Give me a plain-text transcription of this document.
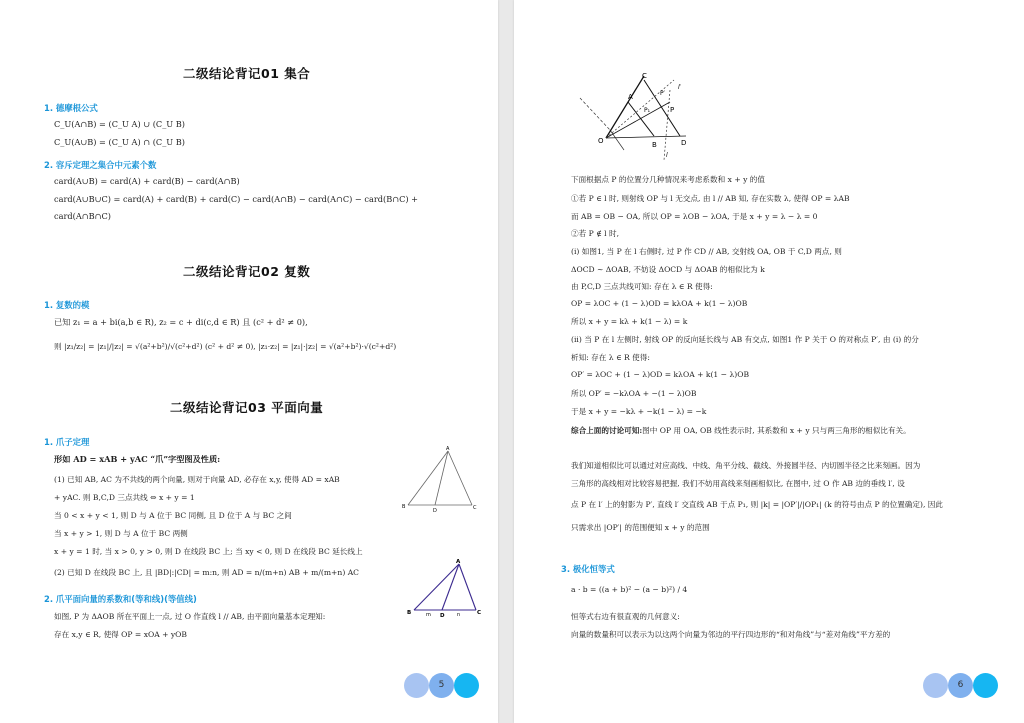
二级结论背记01 集合
1. 德摩根公式
C_U(A∩B) = (C_U A) ∪ (C_U B)
C_U(A∪B) = (C_U A) ∩ (C_U B)
2. 容斥定理之集合中元素个数
card(A∪B) = card(A) + card(B) − card(A∩B)
card(A∪B∪C) = card(A) + card(B) + card(C) − card(A∩B) − card(A∩C) − card(B∩C) +
card(A∩B∩C)
二级结论背记02 复数
1. 复数的模
已知 z₁ = a + bi(a,b ∈ R), z₂ = c + di(c,d ∈ R) 且 (c² + d² ≠ 0),
则 |z₁/z₂| = |z₁|/|z₂| = √(a²+b²)/√(c²+d²) (c² + d² ≠ 0), |z₁·z₂| = |z₁|·|z₂| = √(a²+b²)·√(c²+d²)
二级结论背记03 平面向量
1. 爪子定理
形如 AD = xAB + yAC “爪”字型图及性质:
(1) 已知 AB, AC 为不共线的两个向量, 则对于向量 AD, 必存在 x,y, 使得 AD = xAB
+ yAC. 则 B,C,D 三点共线 ⇔ x + y = 1
当 0 < x + y < 1, 则 D 与 A 位于 BC 同侧, 且 D 位于 A 与 BC 之间
当 x + y > 1, 则 D 与 A 位于 BC 两侧
x + y = 1 时, 当 x > 0, y > 0, 则 D 在线段 BC 上; 当 xy < 0, 则 D 在线段 BC 延长线上
(2) 已知 D 在线段 BC 上, 且 |BD|:|CD| = m:n, 则 AD = n/(m+n) AB + m/(m+n) AC
2. 爪平面向量的系数和(等和线)(等值线)
如图, P 为 ΔAOB 所在平面上一点, 过 O 作直线 l // AB, 由平面向量基本定理知:
存在 x,y ∈ R, 使得 OP = xOA + yOB
A
B
D	C
A
B	m D n	C
5
C
A
P
P′
l′
P₁
O	B	D
l
下面根据点 P 的位置分几种情况来考虑系数和 x + y 的值
①若 P ∈ l 时, 则射线 OP 与 l 无交点, 由 l // AB 知, 存在实数 λ, 使得 OP = λAB
而 AB = OB − OA, 所以 OP = λOB − λOA, 于是 x + y = λ − λ = 0
②若 P ∉ l 时,
(i) 如图1, 当 P 在 l 右侧时, 过 P 作 CD // AB, 交射线 OA, OB 于 C,D 两点, 则
ΔOCD ∼ ΔOAB, 不妨设 ΔOCD 与 ΔOAB 的相似比为 k
由 P,C,D 三点共线可知: 存在 λ ∈ R 使得:
OP = λOC + (1 − λ)OD = kλOA + k(1 − λ)OB
所以 x + y = kλ + k(1 − λ) = k
(ii) 当 P 在 l 左侧时, 射线 OP 的反向延长线与 AB 有交点, 如图1 作 P 关于 O 的对称点 P′, 由 (i) 的分
析知: 存在 λ ∈ R 使得:
OP′ = λOC + (1 − λ)OD = kλOA + k(1 − λ)OB
所以 OP′ = −kλOA + −(1 − λ)OB
于是 x + y = −kλ + −k(1 − λ) = −k
综合上面的讨论可知:图中 OP 用 OA, OB 线性表示时, 其系数和 x + y 只与两三角形的相似比有关。
我们知道相似比可以通过对应高线、中线、角平分线、截线、外接圆半径、内切圆半径之比来刻画。因为
三角形的高线相对比较容易把握, 我们不妨用高线来刻画相似比, 在图中, 过 O 作 AB 边的垂线 l′, 设
点 P 在 l′ 上的射影为 P′, 直线 l′ 交直线 AB 于点 P₁, 则 |k| = |OP′|/|OP₁| (k 的符号由点 P 的位置确定), 因此
只需求出 |OP′| 的范围便知 x + y 的范围
3. 极化恒等式
a · b = ((a + b)² − (a − b)²) / 4
恒等式右边有很直观的几何意义:
向量的数量积可以表示为以这两个向量为邻边的平行四边形的“和对角线”与“差对角线”平方差的
6
